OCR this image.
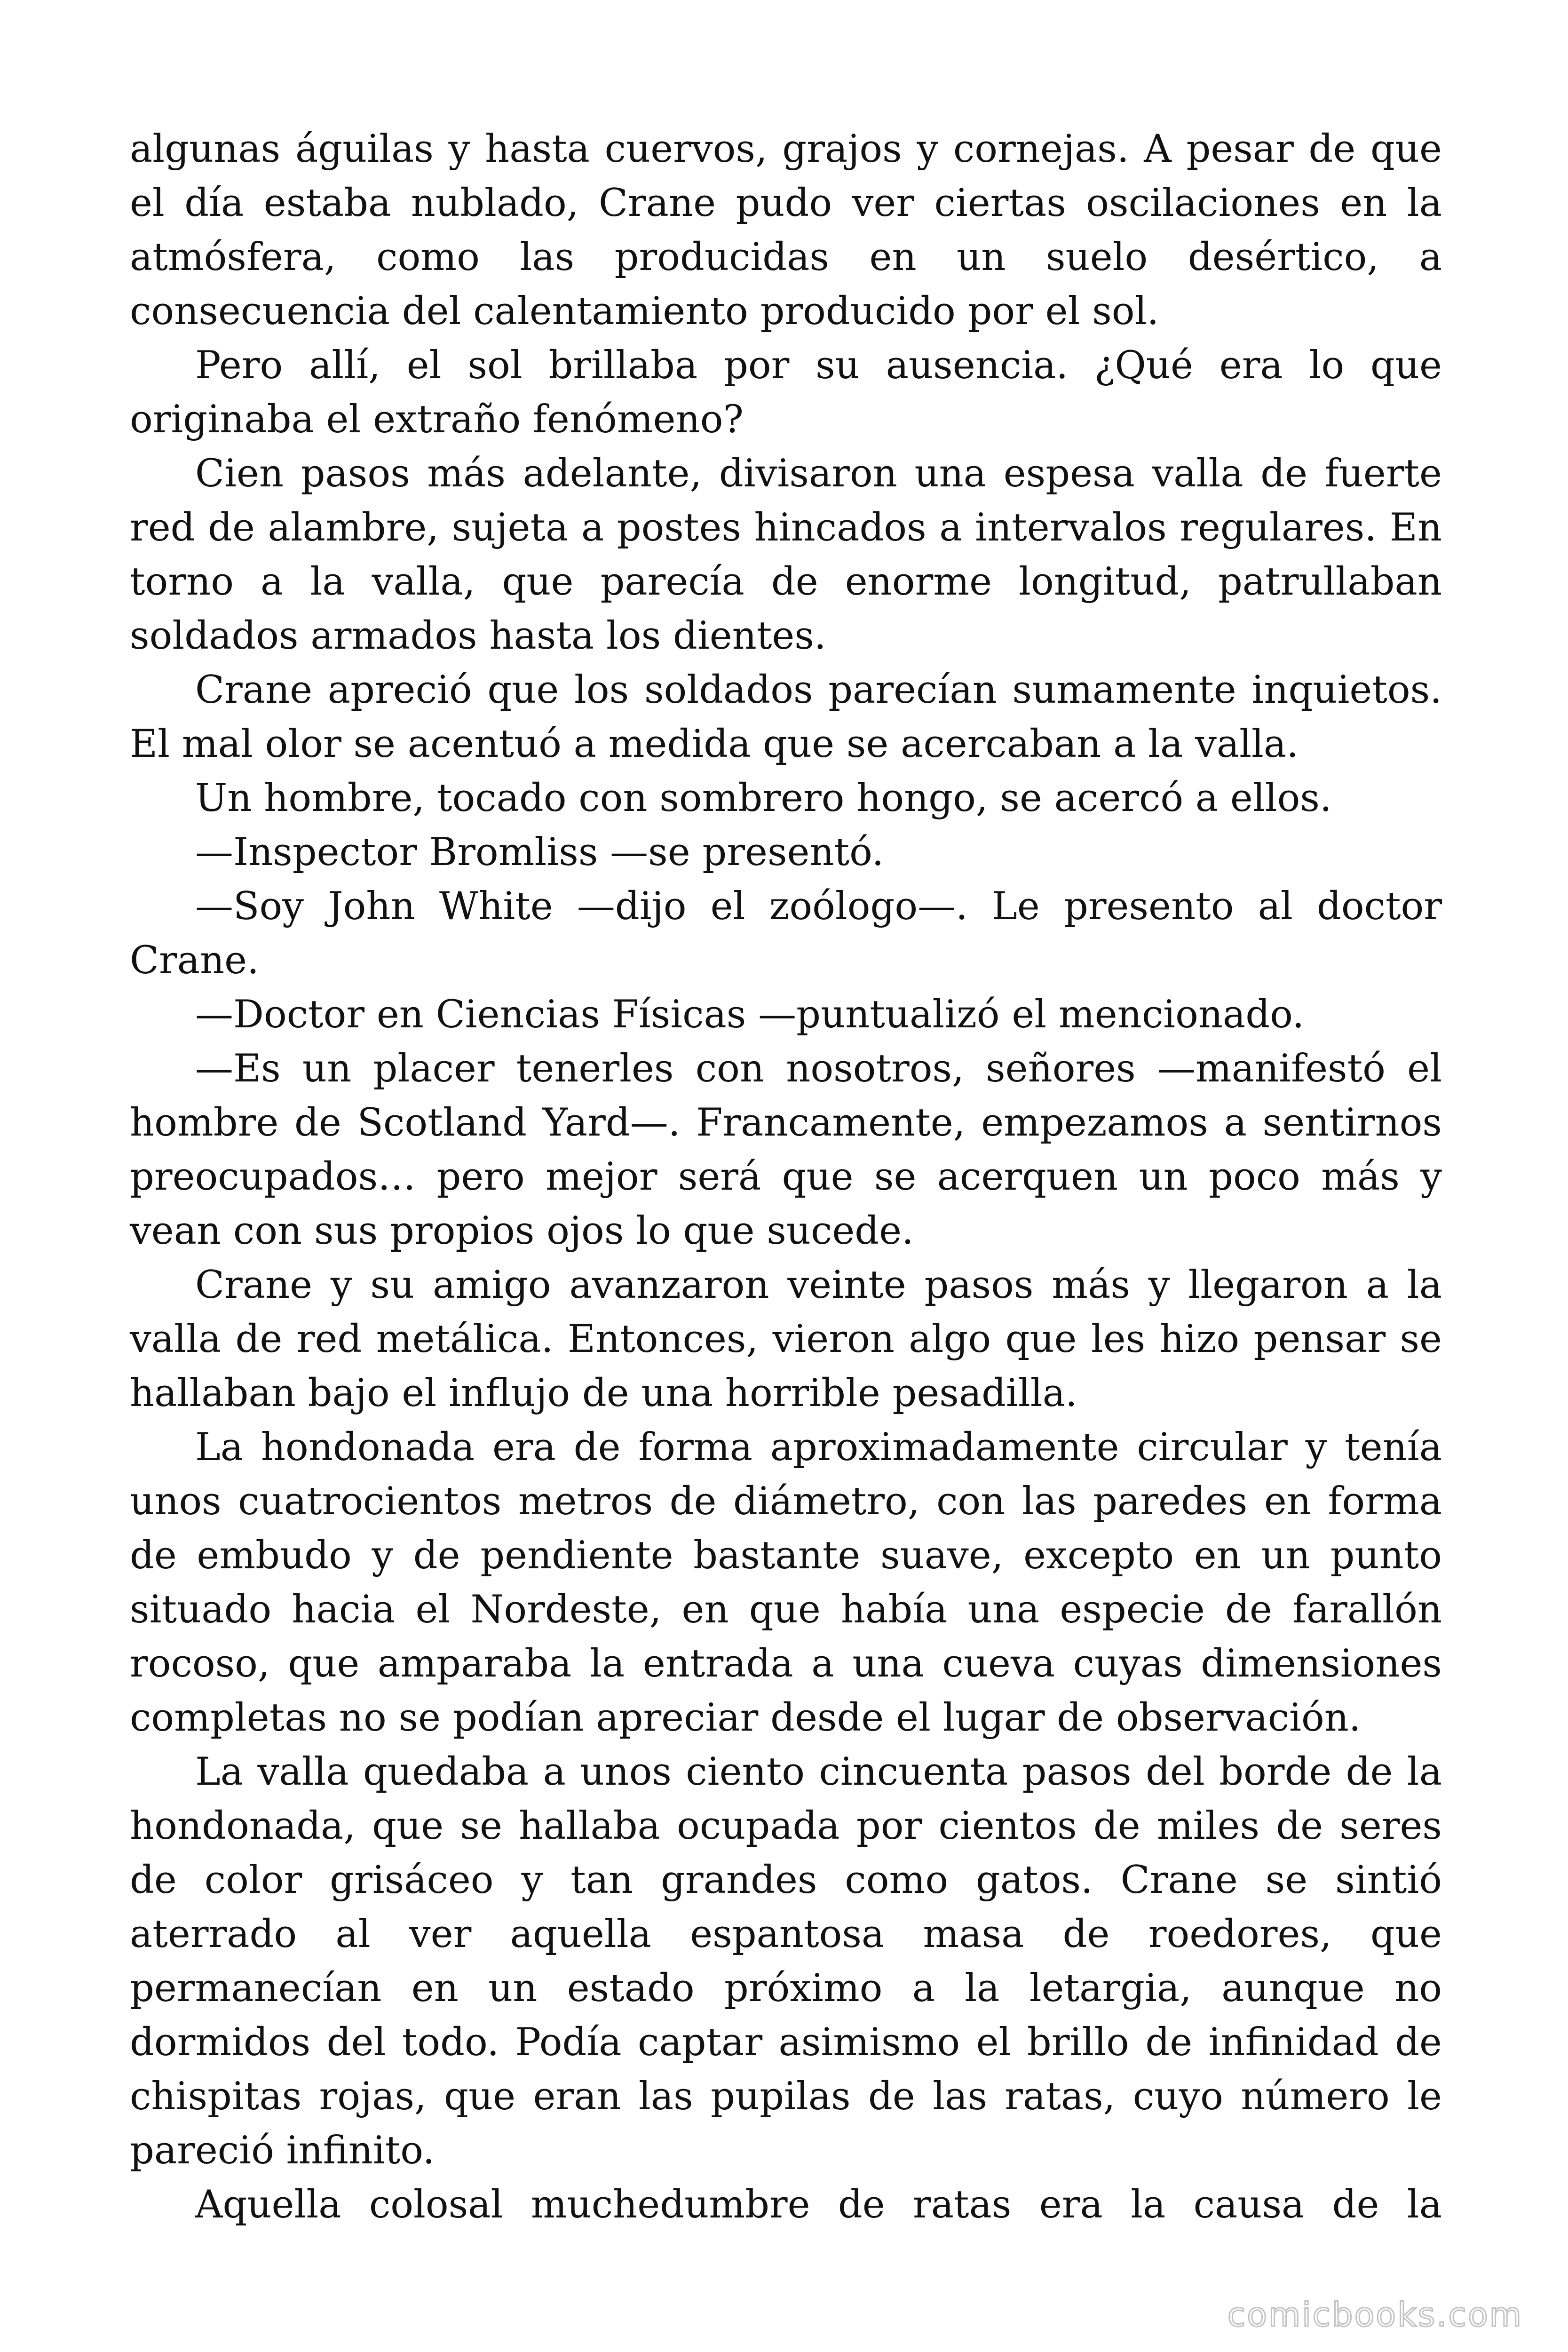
algunas águilas y hasta cuervos, grajos y cornejas. A pesar de que el día estaba nublado, Crane pudo ver ciertas oscilaciones en la atmósfera, como las producidas en un suelo desértico, a consecuencia del calentamiento producido por el sol.

Pero allí, el sol brillaba por su ausencia. ¿Qué era lo que originaba el extraño fenómeno?

Cien pasos más adelante, divisaron una espesa valla de fuerte red de alambre, sujeta a postes hincados a intervalos regulares. En torno a la valla, que parecía de enorme longitud, patrullaban soldados armados hasta los dientes.

Crane apreció que los soldados parecían sumamente inquietos. El mal olor se acentuó a medida que se acercaban a la valla.

Un hombre, tocado con sombrero hongo, se acercó a ellos.

—Inspector Bromliss —se presentó.

—Soy John White —dijo el zoólogo—. Le presento al doctor Crane.

—Doctor en Ciencias Físicas —puntualizó el mencionado.

—Es un placer tenerles con nosotros, señores —manifestó el hombre de Scotland Yard—. Francamente, empezamos a sentirnos preocupados… pero mejor será que se acerquen un poco más y vean con sus propios ojos lo que sucede.

Crane y su amigo avanzaron veinte pasos más y llegaron a la valla de red metálica. Entonces, vieron algo que les hizo pensar se hallaban bajo el influjo de una horrible pesadilla.

La hondonada era de forma aproximadamente circular y tenía unos cuatrocientos metros de diámetro, con las paredes en forma de embudo y de pendiente bastante suave, excepto en un punto situado hacia el Nordeste, en que había una especie de farallón rocoso, que amparaba la entrada a una cueva cuyas dimensiones completas no se podían apreciar desde el lugar de observación.

La valla quedaba a unos ciento cincuenta pasos del borde de la hondonada, que se hallaba ocupada por cientos de miles de seres de color grisáceo y tan grandes como gatos. Crane se sintió aterrado al ver aquella espantosa masa de roedores, que permanecían en un estado próximo a la letargia, aunque no dormidos del todo. Podía captar asimismo el brillo de infinidad de chispitas rojas, que eran las pupilas de las ratas, cuyo número le pareció infinito.

Aquella colosal muchedumbre de ratas era la causa de la

comicbooks.com
